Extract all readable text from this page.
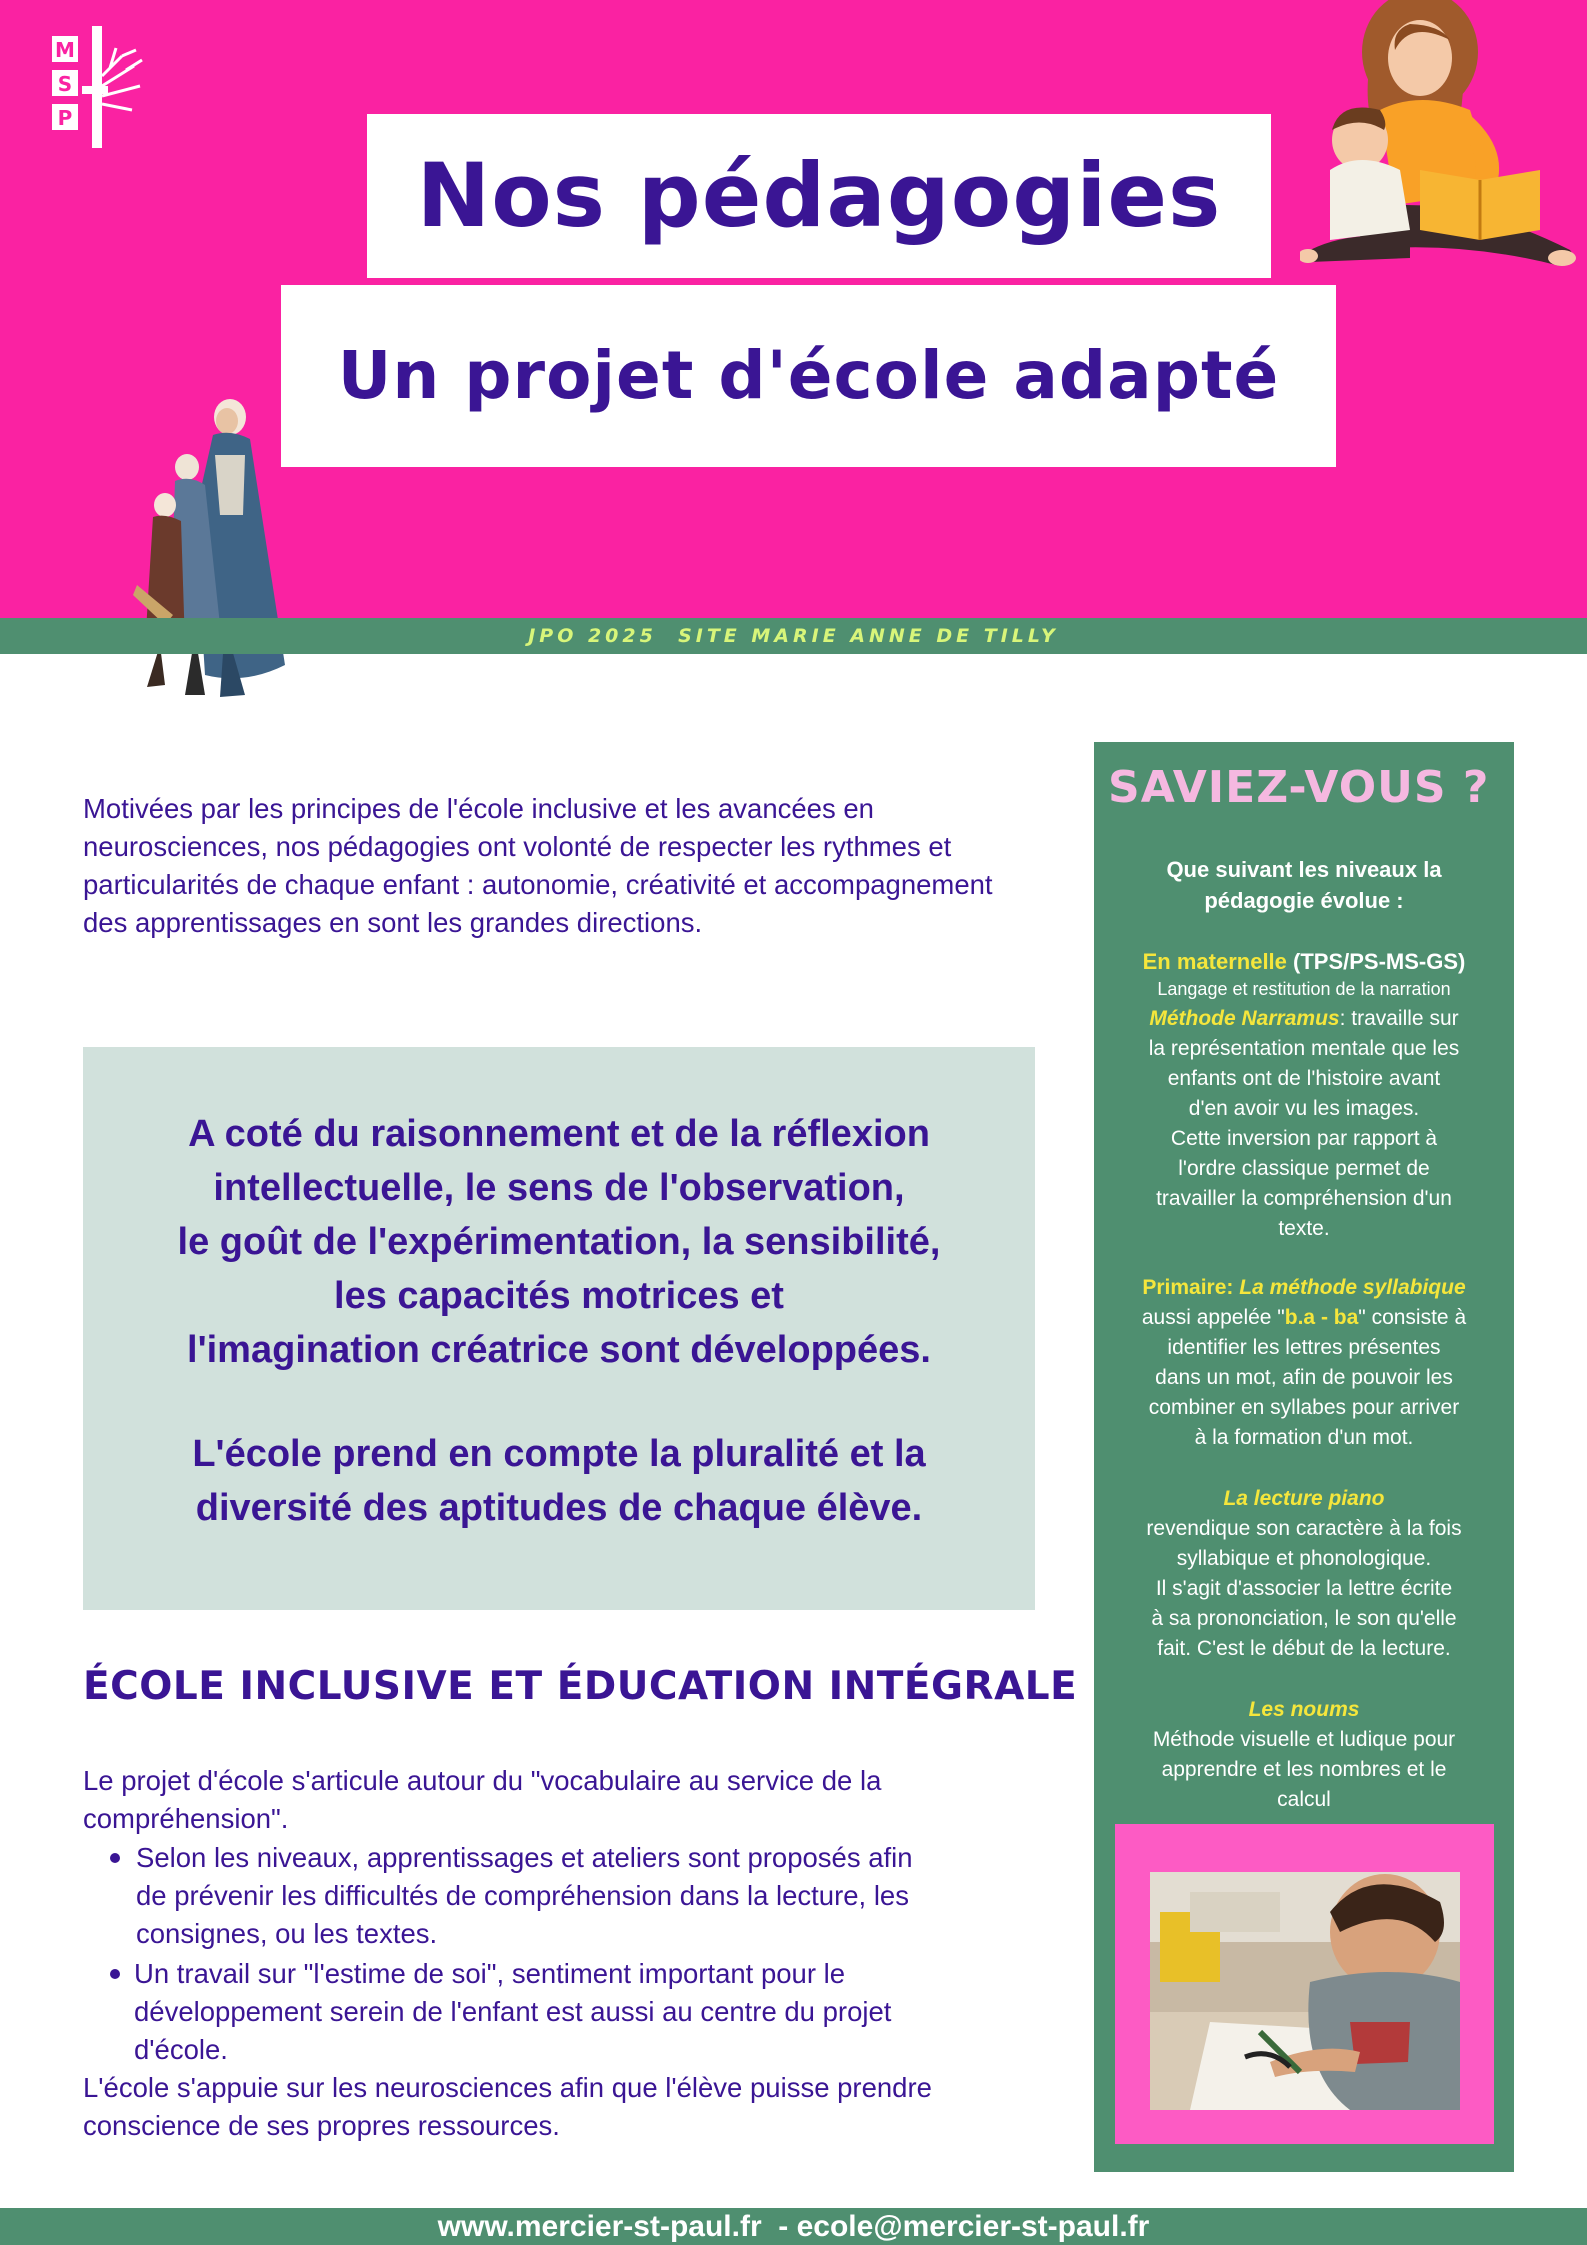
M
S
P
Nos pédagogies
Un projet d'école adapté
JPO 2025  SITE MARIE ANNE DE TILLY

Motivées par les principes de l'école inclusive et les avancées en neurosciences, nos pédagogies ont volonté de respecter les rythmes et particularités de chaque enfant : autonomie, créativité et accompagnement des apprentissages en sont les grandes directions.

A coté du raisonnement et de la réflexion
intellectuelle, le sens de l'observation,
le goût de l'expérimentation, la sensibilité,
les capacités motrices et
l'imagination créatrice sont développées.
L'école prend en compte la pluralité et la
diversité des aptitudes de chaque élève.
ÉCOLE INCLUSIVE ET ÉDUCATION INTÉGRALE
Le projet d'école s'articule autour du "vocabulaire au service de la
compréhension".
Selon les niveaux, apprentissages et ateliers sont proposés afin
de prévenir les difficultés de compréhension dans la lecture, les
consignes, ou les textes.
Un travail sur "l'estime de soi", sentiment important pour le
développement serein de l'enfant est aussi au centre du projet
d'école.
L'école s'appuie sur les neurosciences afin que l'élève puisse prendre
conscience de ses propres ressources.
SAVIEZ-VOUS ?
Que suivant les niveaux la
pédagogie évolue :
En maternelle (TPS/PS-MS-GS)
Langage et restitution de la narration
Méthode Narramus: travaille sur
la représentation mentale que les
enfants ont de l'histoire avant
d'en avoir vu les images.
Cette inversion par rapport à
l'ordre classique permet de
travailler la compréhension d'un
texte.
Primaire: La méthode syllabique
aussi appelée "b.a - ba" consiste à
identifier les lettres présentes
dans un mot, afin de pouvoir les
combiner en syllabes pour arriver
à la formation d'un mot.
La lecture piano
revendique son caractère à la fois
syllabique et phonologique.
Il s'agit d'associer la lettre écrite
à sa prononciation, le son qu'elle
fait. C'est le début de la lecture.
Les noums
Méthode visuelle et ludique pour
apprendre et les nombres et le
calcul
www.mercier-st-paul.fr  - ecole@mercier-st-paul.fr
